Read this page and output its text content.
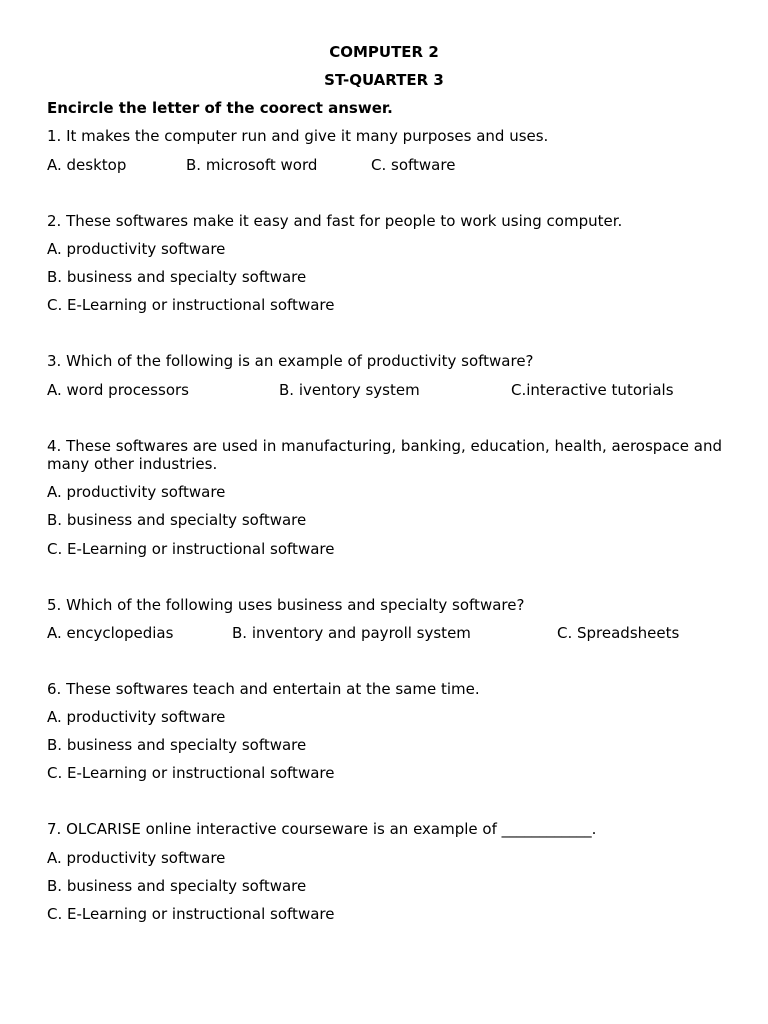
COMPUTER 2
ST-QUARTER 3
Encircle the letter of the coorect answer.
1. It makes the computer run and give it many purposes and uses.
A. desktop	B. microsoft word	C. software
2. These softwares make it easy and fast for people to work using computer.
A. productivity software
B. business and specialty software
C. E-Learning or instructional software
3. Which of the following is an example of productivity software?
A. word processors	B. iventory system	C.interactive tutorials
4. These softwares are used in manufacturing, banking, education, health, aerospace and many other industries.
A. productivity software
B. business and specialty software
C. E-Learning or instructional software
5. Which of the following uses business and specialty software?
A. encyclopedias	B. inventory and payroll system	C. Spreadsheets
6. These softwares teach and entertain at the same time.
A. productivity software
B. business and specialty software
C. E-Learning or instructional software
7. OLCARISE online interactive courseware is an example of ____________.
A. productivity software
B. business and specialty software
C. E-Learning or instructional software
